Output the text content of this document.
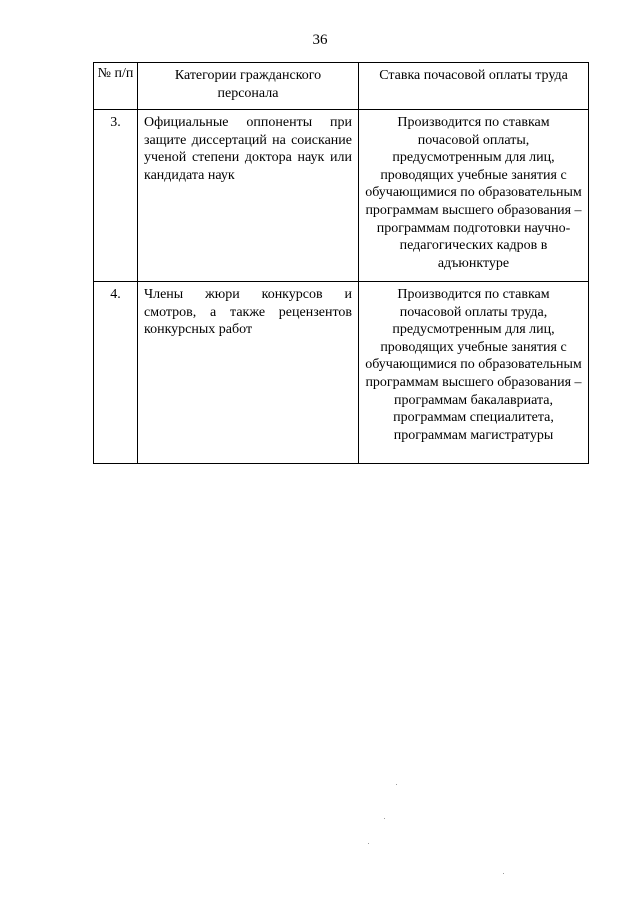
36
№ п/п	Категории гражданского персонала	Ставка почасовой оплаты труда
3.	Официальные оппоненты при защите диссертаций на соискание ученой степени доктора наук или кандидата наук	Производится по ставкам почасовой оплаты, предусмотренным для лиц, проводящих учебные занятия с обучающимися по образовательным программам высшего образования – программам подготовки научно-педагогических кадров в адъюнктуре
4.	Члены жюри конкурсов и смотров, а также рецензентов конкурсных работ	Производится по ставкам почасовой оплаты труда, предусмотренным для лиц, проводящих учебные занятия с обучающимися по образовательным программам высшего образования – программам бакалавриата, программам специалитета, программам магистратуры
